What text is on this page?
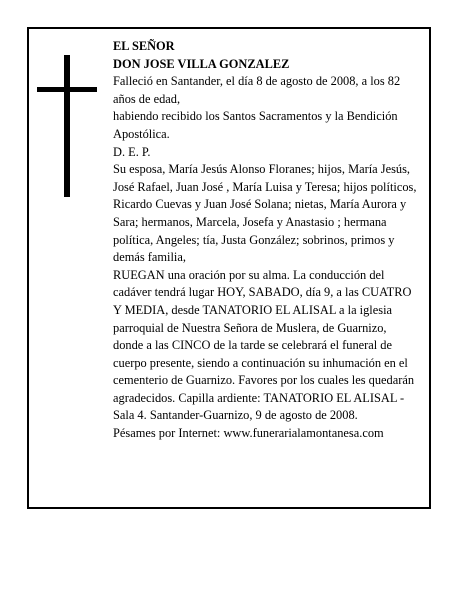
EL SEÑOR

DON JOSE VILLA GONZALEZ

Falleció en Santander, el día 8 de agosto de 2008, a los 82 años de edad,

habiendo recibido los Santos Sacramentos y la Bendición Apostólica.

D. E. P.

Su esposa, María Jesús Alonso Floranes; hijos, María Jesús, José Rafael, Juan José , María Luisa y Teresa; hijos políticos, Ricardo Cuevas y Juan José Solana; nietas, María Aurora y Sara; hermanos, Marcela, Josefa y Anastasio ; hermana política, Angeles; tía, Justa González; sobrinos, primos y demás familia,

RUEGAN una oración por su alma. La conducción del cadáver tendrá lugar HOY, SABADO, día 9, a las CUATRO Y MEDIA, desde TANATORIO EL ALISAL a la iglesia parroquial de Nuestra Señora de Muslera, de Guarnizo, donde a las CINCO de la tarde se celebrará el funeral de cuerpo presente, siendo a continuación su inhumación en el cementerio de Guarnizo. Favores por los cuales les quedarán agradecidos. Capilla ardiente: TANATORIO EL ALISAL - Sala 4. Santander-Guarnizo, 9 de agosto de 2008.

Pésames por Internet: www.funerarialamontanesa.com
